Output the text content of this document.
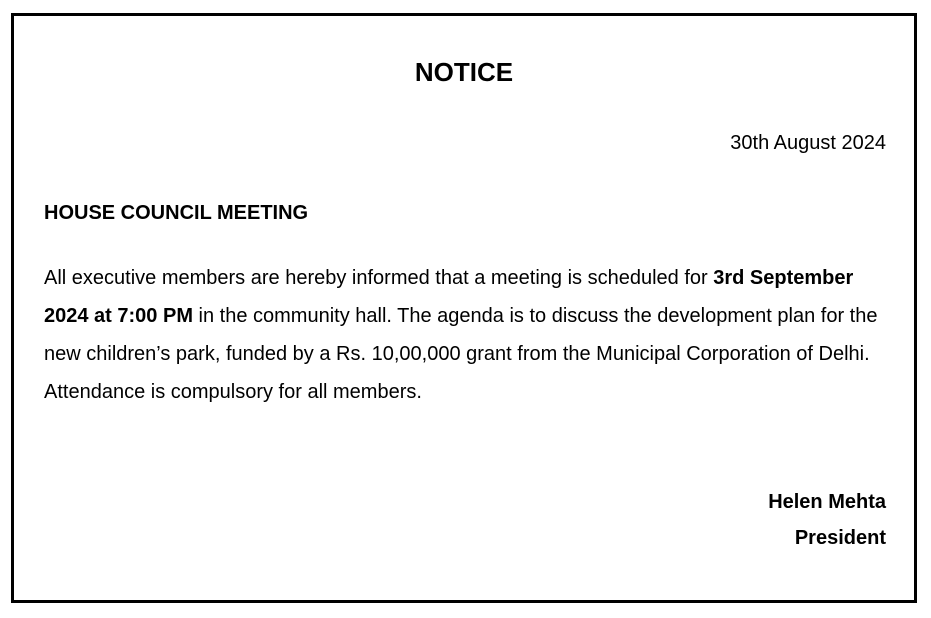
NOTICE

30th August 2024

HOUSE COUNCIL MEETING

All executive members are hereby informed that a meeting is scheduled for 3rd September 2024 at 7:00 PM in the community hall. The agenda is to discuss the development plan for the new children’s park, funded by a Rs. 10,00,000 grant from the Municipal Corporation of Delhi. Attendance is compulsory for all members.

Helen Mehta
President
